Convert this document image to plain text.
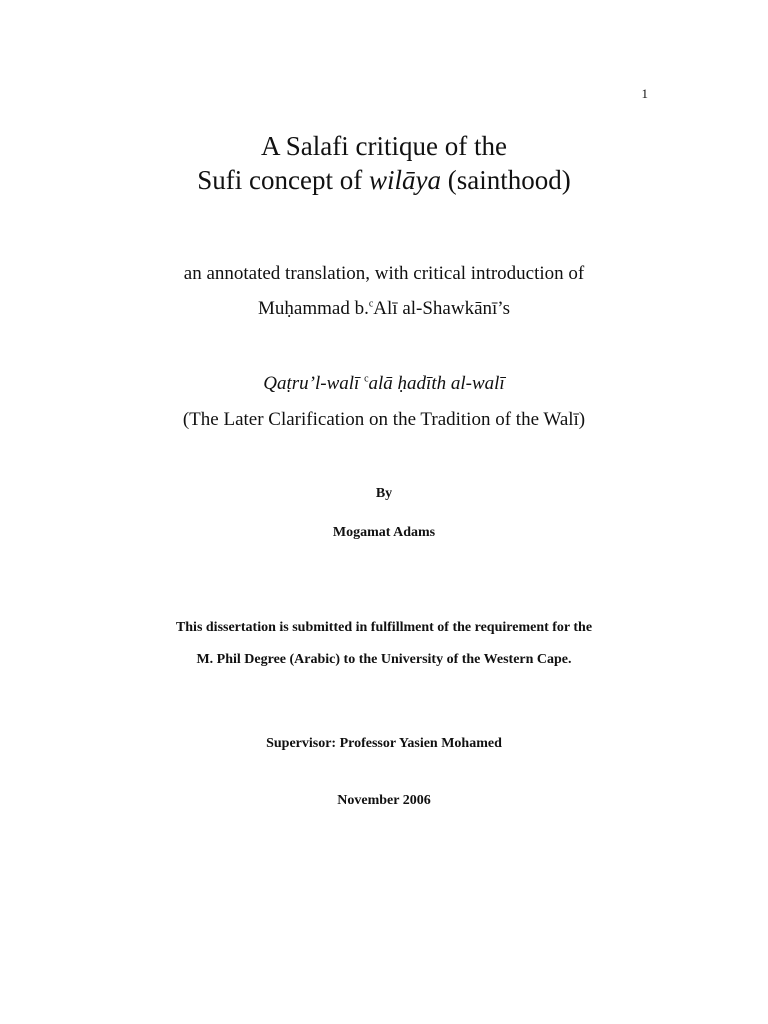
1
A Salafi critique of the
Sufi concept of wilāya (sainthood)
an annotated translation, with critical introduction of
Muḥammad b.$^c$Alī al-Shawkānī’s
Qaṭru’l-walī $^c$alā ḥadīth al-walī
(The Later Clarification on the Tradition of the Walī)
By
Mogamat Adams
This dissertation is submitted in fulfillment of the requirement for the
M. Phil Degree (Arabic) to the University of the Western Cape.
Supervisor: Professor Yasien Mohamed
November 2006
